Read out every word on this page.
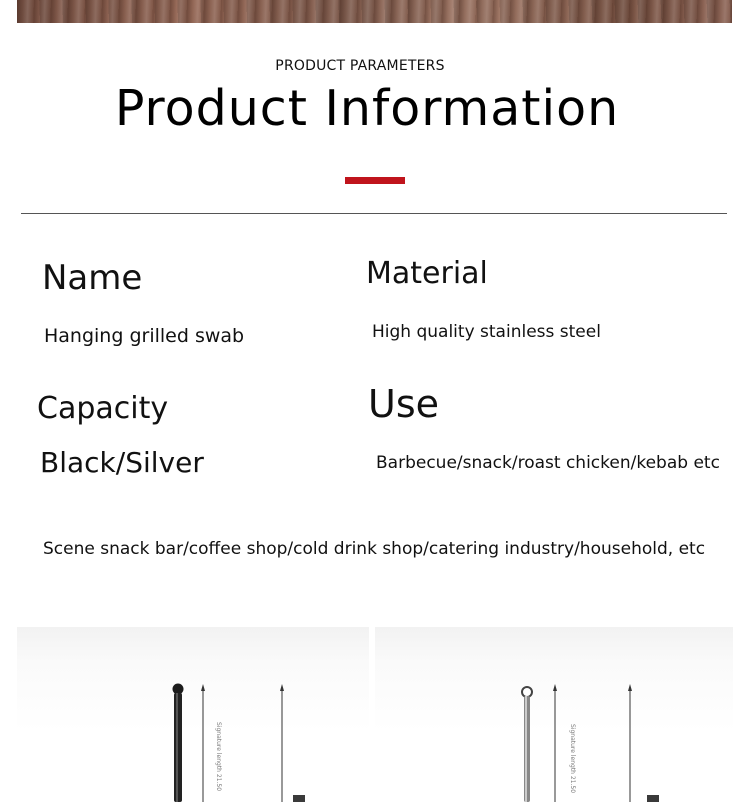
PRODUCT PARAMETERS
Product Information
Name
Hanging grilled swab
Material
High quality stainless steel
Capacity
Black/Silver
Use
Barbecue/snack/roast chicken/kebab etc
Scene snack bar/coffee shop/cold drink shop/catering industry/household, etc
Signature length 21.50	Signature length 21.50
